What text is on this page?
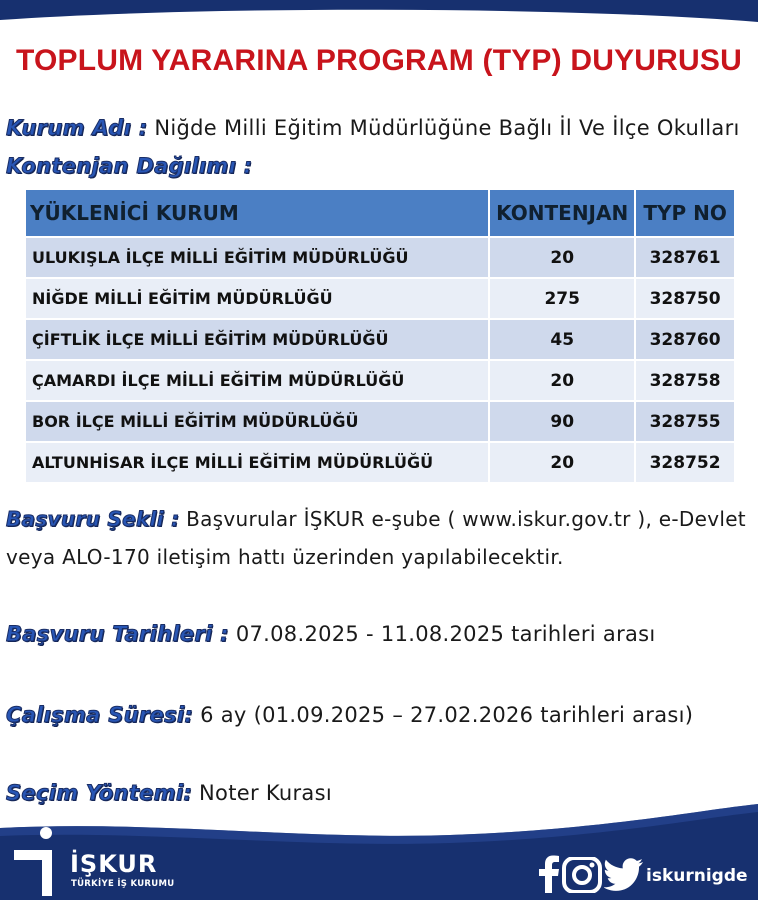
TOPLUM YARARINA PROGRAM (TYP) DUYURUSU
Kurum Adı : Niğde Milli Eğitim Müdürlüğüne Bağlı İl Ve İlçe Okulları
Kontenjan Dağılımı :
YÜKLENİCİ KURUM	KONTENJAN	TYP NO
ULUKIŞLA İLÇE MİLLİ EĞİTİM MÜDÜRLÜĞÜ	20	328761
NİĞDE MİLLİ EĞİTİM MÜDÜRLÜĞÜ	275	328750
ÇİFTLİK İLÇE MİLLİ EĞİTİM MÜDÜRLÜĞÜ	45	328760
ÇAMARDI İLÇE MİLLİ EĞİTİM MÜDÜRLÜĞÜ	20	328758
BOR İLÇE MİLLİ EĞİTİM MÜDÜRLÜĞÜ	90	328755
ALTUNHİSAR İLÇE MİLLİ EĞİTİM MÜDÜRLÜĞÜ	20	328752
Başvuru Şekli : Başvurular İŞKUR e-şube ( www.iskur.gov.tr ), e-Devlet
veya ALO-170 iletişim hattı üzerinden yapılabilecektir.
Başvuru Tarihleri : 07.08.2025 - 11.08.2025 tarihleri arası
Çalışma Süresi: 6 ay (01.09.2025 – 27.02.2026 tarihleri arası)
Seçim Yöntemi: Noter Kurası
İŞKUR
TÜRKİYE İŞ KURUMU	iskurnigde
